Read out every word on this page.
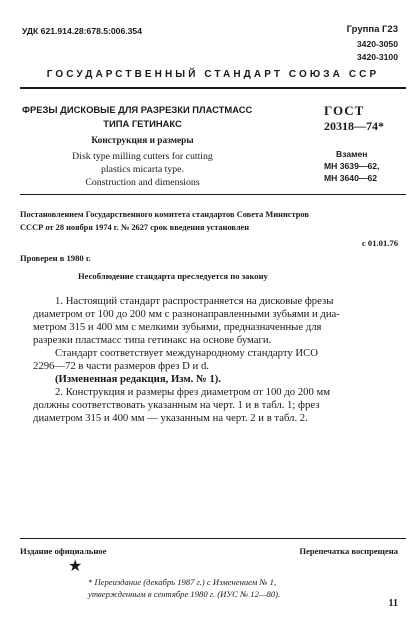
УДК 621.914.28:678.5:006.354	Группа Г23
3420-3050
3420-3100
ГОСУДАРСТВЕННЫЙ СТАНДАРТ СОЮЗА ССР
ФРЕЗЫ ДИСКОВЫЕ ДЛЯ РАЗРЕЗКИ ПЛАСТМАСС
ТИПА ГЕТИНАКС
Конструкция и размеры
Disk type milling cutters for cutting
plastics micarta type.
Construction and dimensions
ГОСТ
20318—74*
Взамен
МН 3639—62,
МН 3640—62
Постановлением Государственного комитета стандартов Совета Министров
СССР от 28 ноября 1974 г. № 2627 срок введения установлен
с 01.01.76
Проверен в 1980 г.
Несоблюдение стандарта преследуется по закону

1. Настоящий стандарт распространяется на дисковые фрезы

диаметром от 100 до 200 мм с разнонаправленными зубьями и диа-

метром 315 и 400 мм с мелкими зубьями, предназначенные для

разрезки пластмасс типа гетинакс на основе бумаги.

Стандарт соответствует международному стандарту ИСО

2296—72 в части размеров фрез D и d.

(Измененная редакция, Изм. № 1).

2. Конструкция и размеры фрез диаметром от 100 до 200 мм

должны соответствовать указанным на черт. 1 и в табл. 1; фрез

диаметром 315 и 400 мм — указанным на черт. 2 и в табл. 2.

Издание официальное	Перепечатка воспрещена
★
* Переиздание (декабрь 1987 г.) с Изменением № 1,
утвержденным в сентябре 1980 г. (ИУС № 12—80).
11
